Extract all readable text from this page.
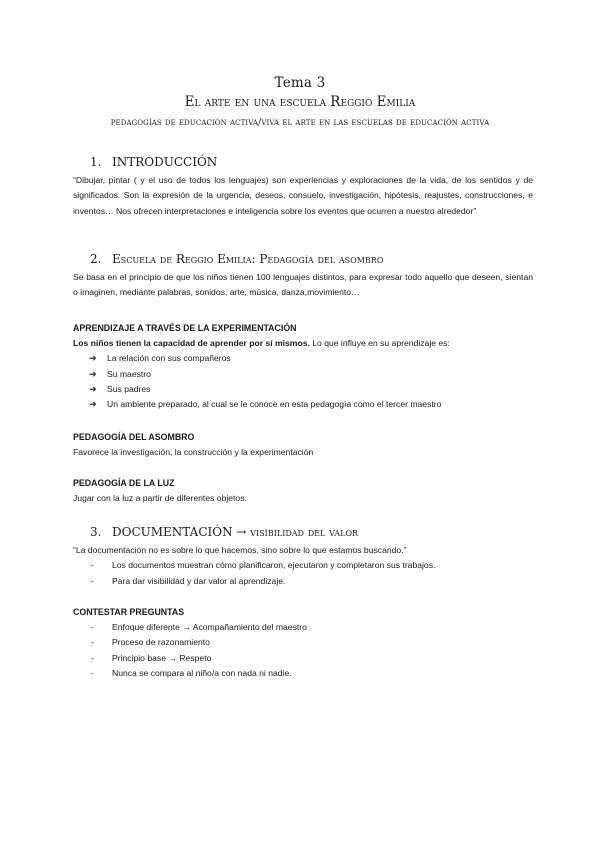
Tema 3
El arte en una escuela Reggio Emilia
pedagogías de educación activa/viva el arte en las escuelas de educación activa
1. INTRODUCCIÓN
“Dibujar, pintar ( y el uso de todos los lenguajes) son experiencias y exploraciones de la vida, de los sentidos y de significados. Son la expresión de la urgencia, deseos, consuelo, investigación, hipótesis, reajustes, construcciones, e inventos… Nos ofrecen interpretaciones e inteligencia sobre los eventos que ocurren a nuestro alrededor”
2. Escuela de Reggio Emilia: Pedagogía del asombro
Se basa en el principio de que los niños tienen 100 lenguajes distintos, para expresar todo aquello que deseen, sientan o imaginen, mediante palabras, sonidos, arte, música, danza,movimiento…
APRENDIZAJE A TRAVÉS DE LA EXPERIMENTACIÓN
Los niños tienen la capacidad de aprender por sí mismos. Lo que influye en su aprendizaje es:
➔	La relación con sus compañeros
➔	Su maestro
➔	Sus padres
➔	Un ambiente preparado, al cual se le conoce en esta pedagogía como el tercer maestro
PEDAGOGÍA DEL ASOMBRO
Favorece la investigación, la construcción y la experimentación
PEDAGOGÍA DE LA LUZ
Jugar con la luz a partir de diferentes objetos.
3. DOCUMENTACIÓN → visibilidad del valor
“La documentación no es sobre lo que hacemos, sino sobre lo que estamos buscando.”
-	Los documentos muestran cómo planificaron, ejecutaron y completaron sus trabajos.
-	Para dar visibilidad y dar valor al aprendizaje.
CONTESTAR PREGUNTAS
-	Enfoque diferente → Acompañamiento del maestro
-	Proceso de razonamiento
-	Principio base → Respeto
-	Nunca se compara al niño/a con nada ni nadie.
